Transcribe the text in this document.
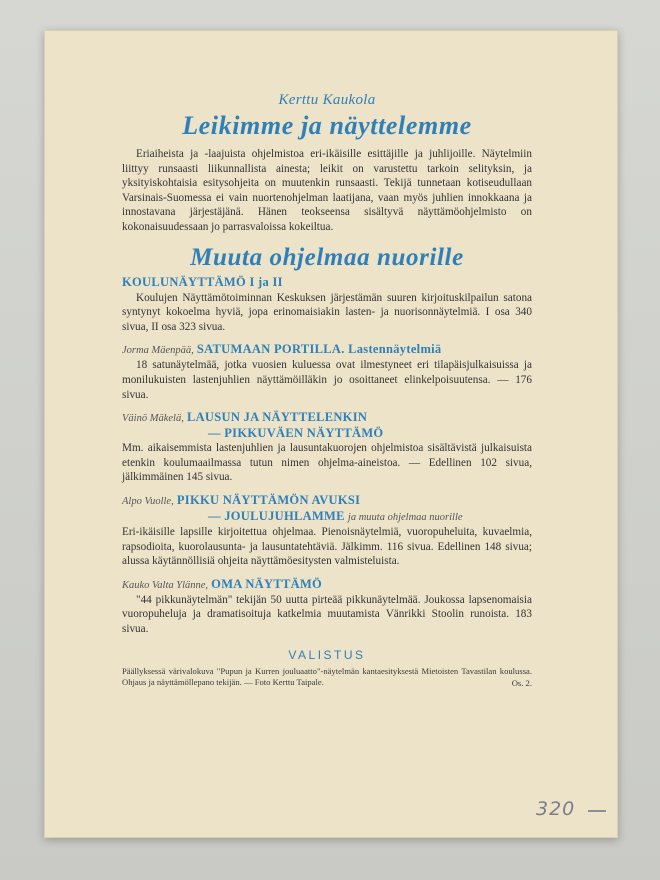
Kerttu Kaukola

Leikimme ja näyttelemme

Eriaiheista ja -laajuista ohjelmistoa eri-ikäisille esittäjille ja juhlijoille. Näytelmiin liittyy runsaasti liikunnallista ainesta; leikit on varustettu tarkoin selityksin, ja yksityiskohtaisia esitysohjeita on muutenkin runsaasti. Tekijä tunnetaan kotiseudullaan Varsinais-Suomessa ei vain nuortenohjelman laatijana, vaan myös juhlien innokkaana ja innostavana järjestäjänä. Hänen teokseensa sisältyvä näyttämöohjelmisto on kokonaisuudessaan jo parrasvaloissa kokeiltua.

Muuta ohjelmaa nuorille

KOULUNÄYTTÄMÖ I ja II

Koulujen Näyttämötoiminnan Keskuksen järjestämän suuren kirjoituskilpailun satona syntynyt kokoelma hyviä, jopa erinomaisiakin lasten- ja nuorisonnäytelmiä. I osa 340 sivua, II osa 323 sivua.

Jorma Mäenpää, SATUMAAN PORTILLA. Lastennäytelmiä

18 satunäytelmää, jotka vuosien kuluessa ovat ilmestyneet eri tilapäisjulkaisuissa ja monilukuisten lastenjuhlien näyttämöilläkin jo osoittaneet elinkelpoisuutensa. — 176 sivua.

Väinö Mäkelä, LAUSUN JA NÄYTTELENKIN

— PIKKUVÄEN NÄYTTÄMÖ

Mm. aikaisemmista lastenjuhlien ja lausuntakuorojen ohjelmistoa sisältävistä julkaisuista etenkin koulumaailmassa tutun nimen ohjelma-aineistoa. — Edellinen 102 sivua, jälkimmäinen 145 sivua.

Alpo Vuolle, PIKKU NÄYTTÄMÖN AVUKSI

— JOULUJUHLAMME ja muuta ohjelmaa nuorille

Eri-ikäisille lapsille kirjoitettua ohjelmaa. Pienoisnäytelmiä, vuoropuheluita, kuvaelmia, rapsodioita, kuorolausunta- ja lausuntatehtäviä. Jälkimm. 116 sivua. Edellinen 148 sivua; alussa käytännöllisiä ohjeita näyttämöesitysten valmisteluista.

Kauko Valta Ylänne, OMA NÄYTTÄMÖ

"44 pikkunäytelmän" tekijän 50 uutta pirteää pikkunäytelmää. Joukossa lapsenomaisia vuoropuheluja ja dramatisoituja katkelmia muutamista Vänrikki Stoolin runoista. 183 sivua.

VALISTUS

Päällyksessä värivalokuva "Pupun ja Kurren jouluaatto"-näytelmän kantaesityksestä Mietoisten Tavastilan koulussa. Ohjaus ja näyttämöllepano tekijän. — Foto Kerttu Taipale.	Os. 2.
320
